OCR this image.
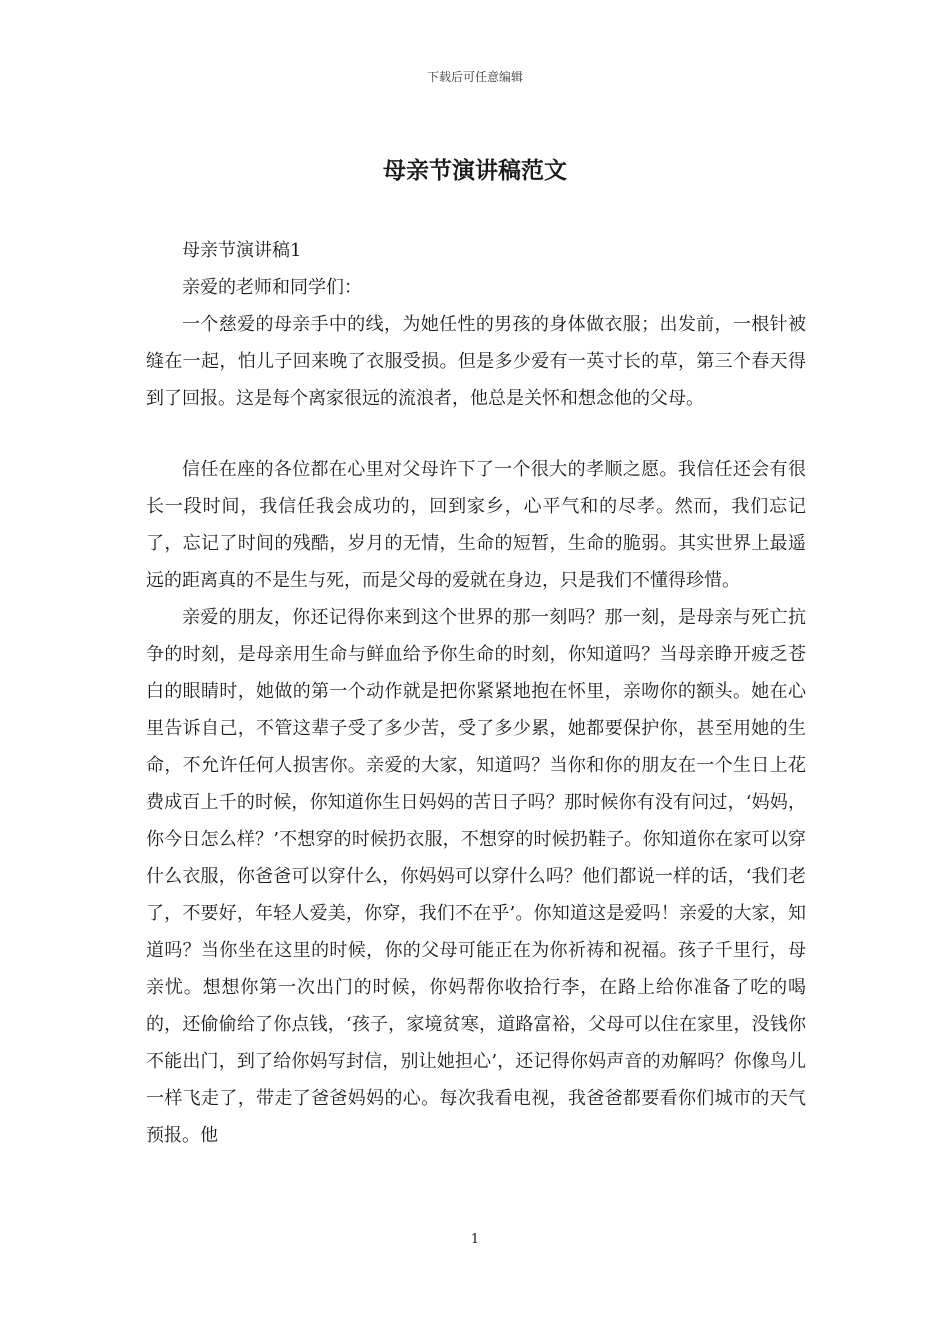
下载后可任意编辑
母亲节演讲稿范文

母亲节演讲稿1

亲爱的老师和同学们：

一个慈爱的母亲手中的线，为她任性的男孩的身体做衣服；出发前，一根针被缝在一起，怕儿子回来晚了衣服受损。但是多少爱有一英寸长的草，第三个春天得到了回报。这是每个离家很远的流浪者，他总是关怀和想念他的父母。

信任在座的各位都在心里对父母许下了一个很大的孝顺之愿。我信任还会有很长一段时间，我信任我会成功的，回到家乡，心平气和的尽孝。然而，我们忘记了，忘记了时间的残酷，岁月的无情，生命的短暂，生命的脆弱。其实世界上最遥远的距离真的不是生与死，而是父母的爱就在身边，只是我们不懂得珍惜。

亲爱的朋友，你还记得你来到这个世界的那一刻吗？那一刻，是母亲与死亡抗争的时刻，是母亲用生命与鲜血给予你生命的时刻，你知道吗？当母亲睁开疲乏苍白的眼睛时，她做的第一个动作就是把你紧紧地抱在怀里，亲吻你的额头。她在心里告诉自己，不管这辈子受了多少苦，受了多少累，她都要保护你，甚至用她的生命，不允许任何人损害你。亲爱的大家，知道吗？当你和你的朋友在一个生日上花费成百上千的时候，你知道你生日妈妈的苦日子吗？那时候你有没有问过，‘妈妈，你今日怎么样？’不想穿的时候扔衣服，不想穿的时候扔鞋子。你知道你在家可以穿什么衣服，你爸爸可以穿什么，你妈妈可以穿什么吗？他们都说一样的话，‘我们老了，不要好，年轻人爱美，你穿，我们不在乎’。你知道这是爱吗！亲爱的大家，知道吗？当你坐在这里的时候，你的父母可能正在为你祈祷和祝福。孩子千里行，母亲忧。想想你第一次出门的时候，你妈帮你收拾行李，在路上给你准备了吃的喝的，还偷偷给了你点钱，‘孩子，家境贫寒，道路富裕，父母可以住在家里，没钱你不能出门，到了给你妈写封信，别让她担心’，还记得你妈声音的劝解吗？你像鸟儿一样飞走了，带走了爸爸妈妈的心。每次我看电视，我爸爸都要看你们城市的天气预报。他

1
